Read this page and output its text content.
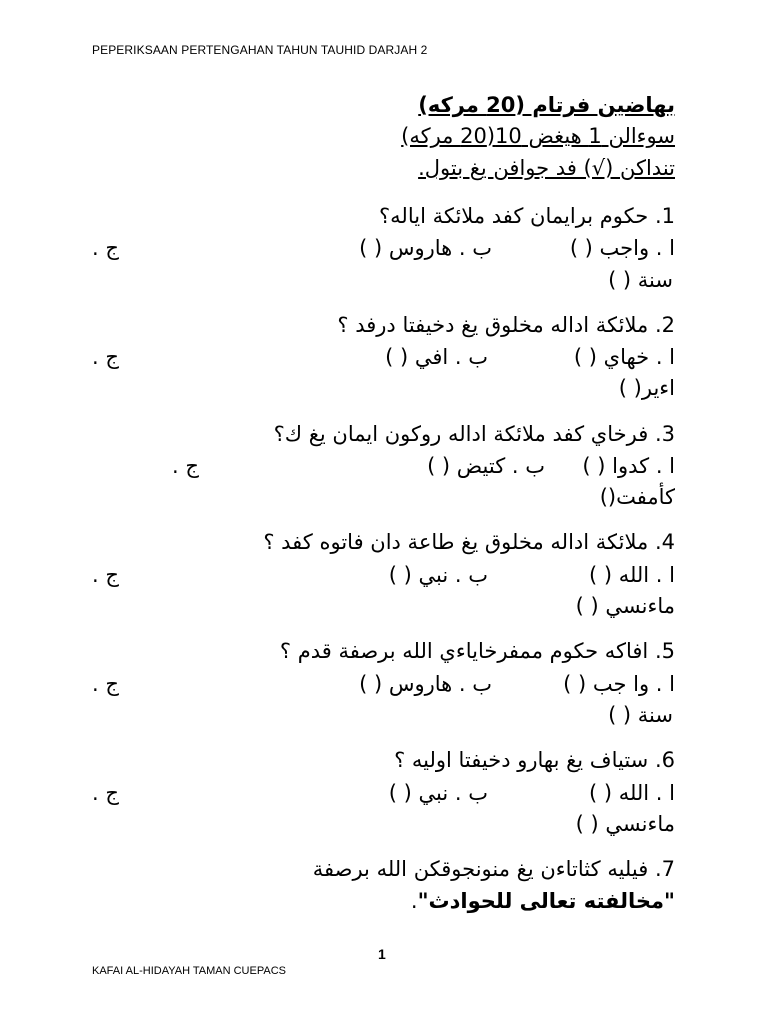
PEPERIKSAAN PERTENGAHAN TAHUN TAUHID DARJAH 2
بهاضين فرتام (20 مركه)
سوءالن 1 هيغض 10(20 مركه)
تنداكن (√) فد جوافن يغ بتول.
1. حكوم برايمان كفد ملائكة اياله؟
ا . واجب ( )
ب . هاروس ( )
ج .
سنة ( )
2. ملائكة اداله مخلوق يغ دخيفتا درفد ؟
ا . خهاي ( )
ب . افي ( )
ج .
اءير( )
3. فرخاي كفد ملائكة اداله روكون ايمان يغ ك؟
ا . كدوا ( )
ب . كتيض ( )
ج .
كأمفت()
4. ملائكة اداله مخلوق يغ طاعة دان فاتوه كفد ؟
ا . الله ( )
ب . نبي ( )
ج .
ماءنسي ( )
5. افاكه حكوم ممفرخاياءي الله برصفة قدم ؟
ا . وا جب ( )
ب . هاروس ( )
ج .
سنة ( )
6. ستياف يغ بهارو دخيفتا اوليه ؟
ا . الله ( )
ب . نبي ( )
ج .
ماءنسي ( )
7. فيليه كثاتاءن يغ منونجوقكن الله برصفة
"مخالفته تعالى للحوادث".
1
KAFAI AL-HIDAYAH TAMAN CUEPACS
